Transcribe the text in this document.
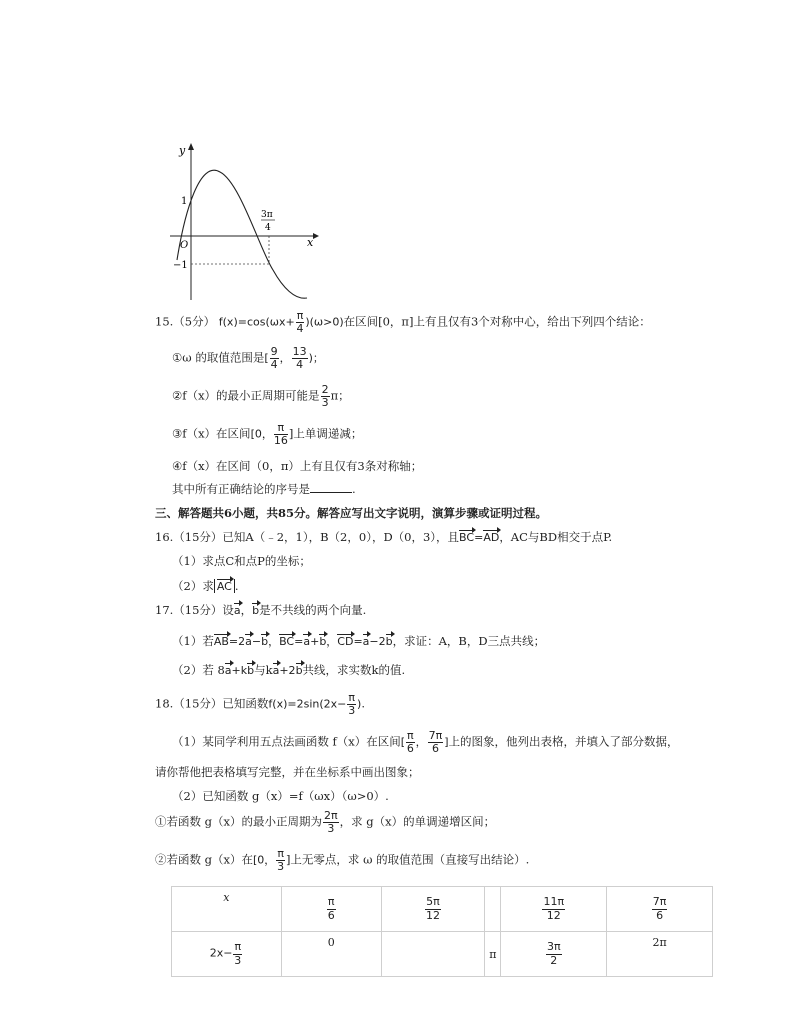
y
x
O
1
−1
3π
4
15.（5分） $f(x)=\cos(\omega x+ \frac{\pi}{4} )(\omega>0)$在区间[0，π]上有且仅有3个对称中心，给出下列四个结论：
①ω 的取值范围是[ $\frac{9}{4}$ ， $\frac{13}{4}$ )；
②f（x）的最小正周期可能是 $\frac{2}{3}$ π；
③f（x）在区间[0， $\frac{\pi}{16}$ ]上单调递减；
④f（x）在区间（0，π）上有且仅有3条对称轴；
其中所有正确结论的序号是	.
三、解答题共6小题，共85分。解答应写出文字说明，演算步骤或证明过程。
16.（15分）已知A（﹣2，1），B（2，0），D（0，3），且BC=AD，AC与BD相交于点P.
（1）求点C和点P的坐标；
（2）求 AC .
17.（15分）设a，b是不共线的两个向量.
（1）若AB=2a−b，BC=a+b，CD=a−2b，求证：A，B，D三点共线；
（2）若 8a+kb与ka+2b共线，求实数k的值.
18.（15分）已知函数$f(x)=2\sin(2x- \frac{\pi}{3}$ ).
（1）某同学利用五点法画函数 f（x）在区间[ $\frac{\pi}{6}$ ， $\frac{7\pi}{6}$ ]上的图象，他列出表格，并填入了部分数据，
请你帮他把表格填写完整，并在坐标系中画出图象；
（2）已知函数 g（x）=f（ωx）（ω>0）.
①若函数 g（x）的最小正周期为 $\frac{2\pi}{3}$ ，求 g（x）的单调递增区间；
②若函数 g（x）在[0， $\frac{\pi}{3}$ ]上无零点，求 ω 的取值范围（直接写出结论）.
x	$\frac{\pi}{6}$	$\frac{5\pi}{12}$		$\frac{11\pi}{12}$	$\frac{7\pi}{6}$

$2x- \frac{\pi}{3}$	0		π	$\frac{3\pi}{2}$	2π
